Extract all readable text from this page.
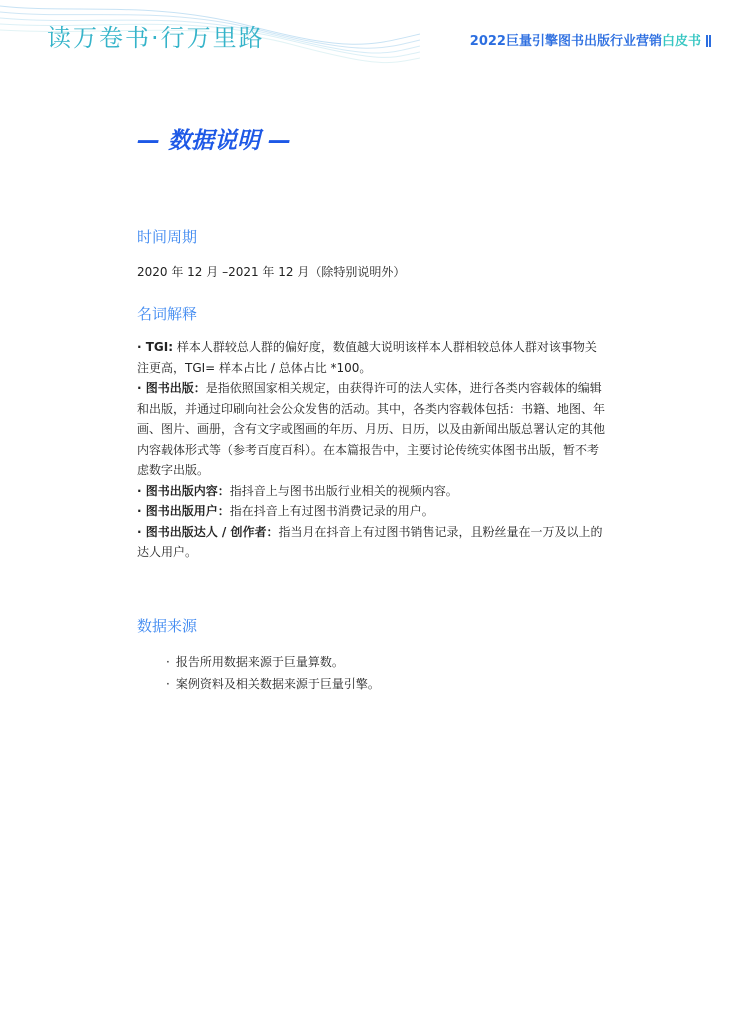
读万卷书·行万里路	2022巨量引擎图书出版行业营销白皮书
— 数据说明 —
时间周期
2020 年 12 月 –2021 年 12 月（除特别说明外）
名词解释
· TGI: 样本人群较总人群的偏好度，数值越大说明该样本人群相较总体人群对该事物关注更高，TGI= 样本占比 / 总体占比 *100。
· 图书出版：是指依照国家相关规定，由获得许可的法人实体，进行各类内容载体的编辑和出版，并通过印刷向社会公众发售的活动。其中，各类内容载体包括：书籍、地图、年画、图片、画册，含有文字或图画的年历、月历、日历，以及由新闻出版总署认定的其他内容载体形式等（参考百度百科）。在本篇报告中，主要讨论传统实体图书出版，暂不考虑数字出版。
· 图书出版内容：指抖音上与图书出版行业相关的视频内容。
· 图书出版用户：指在抖音上有过图书消费记录的用户。
· 图书出版达人 / 创作者：指当月在抖音上有过图书销售记录，且粉丝量在一万及以上的达人用户。
数据来源
· 报告所用数据来源于巨量算数。
· 案例资料及相关数据来源于巨量引擎。
